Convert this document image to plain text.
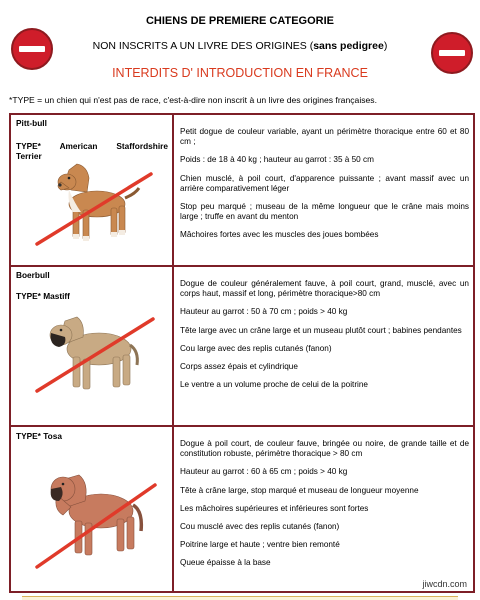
CHIENS DE PREMIERE CATEGORIE
NON INSCRITS A UN LIVRE DES ORIGINES (sans pedigree)
INTERDITS D' INTRODUCTION EN FRANCE
*TYPE = un chien qui n'est pas de race, c'est-à-dire non inscrit à un livre des origines françaises.
Pitt-bull
TYPE* American Staffordshire Terrier

Petit dogue de couleur variable, ayant un périmètre thoracique entre 60 et 80 cm ;

Poids : de 18 à 40 kg ; hauteur au garrot : 35 à 50 cm

Chien musclé, à poil court, d'apparence puissante ; avant massif avec un arrière comparativement léger

Stop peu marqué ; museau de la même longueur que le crâne mais moins large ; truffe en avant du menton

Mâchoires fortes avec les muscles des joues bombées

Boerbull
TYPE* Mastiff

Dogue de couleur généralement fauve, à poil court, grand, musclé, avec un corps haut, massif et long, périmètre thoracique>80 cm

Hauteur au garrot : 50 à 70 cm ; poids > 40 kg

Tête large avec un crâne large et un museau plutôt court ; babines pendantes

Cou large avec des replis cutanés (fanon)

Corps assez épais et cylindrique

Le ventre a un volume proche de celui de la poitrine

TYPE* Tosa

Dogue à poil court, de couleur fauve, bringée ou noire, de grande taille et de constitution robuste, périmètre thoracique > 80 cm

Hauteur au garrot : 60 à 65 cm ; poids > 40 kg

Tête à crâne large, stop marqué et museau de longueur moyenne

Les mâchoires supérieures et inférieures sont fortes

Cou musclé avec des replis cutanés (fanon)

Poitrine large et haute ; ventre bien remonté

Queue épaisse à la base

jiwcdn.com
